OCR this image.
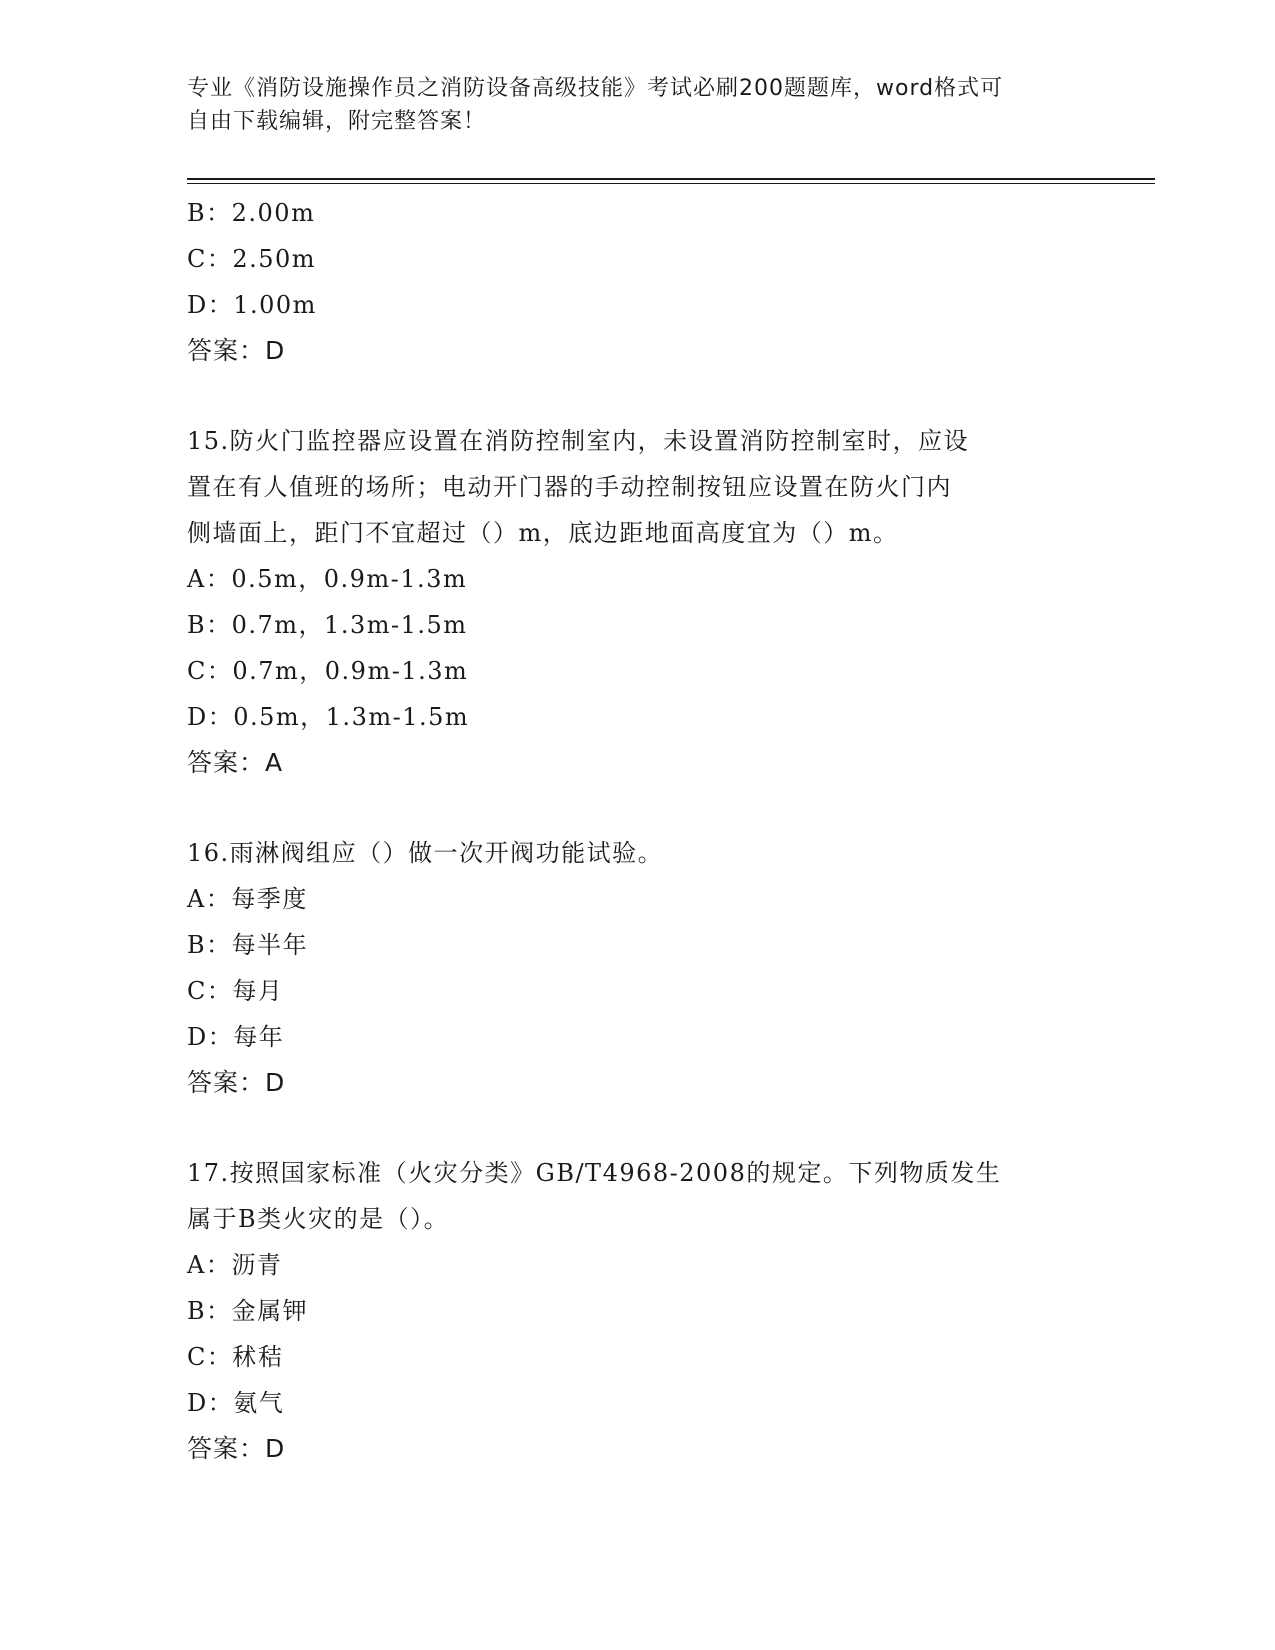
专业《消防设施操作员之消防设备高级技能》考试必刷200题题库，word格式可
自由下载编辑，附完整答案！
B：2.00m
C：2.50m
D：1.00m
答案：D
15.防火门监控器应设置在消防控制室内，未设置消防控制室时，应设
置在有人值班的场所；电动开门器的手动控制按钮应设置在防火门内
侧墙面上，距门不宜超过（）m，底边距地面高度宜为（）m。
A：0.5m，0.9m-1.3m
B：0.7m，1.3m-1.5m
C：0.7m，0.9m-1.3m
D：0.5m，1.3m-1.5m
答案：A
16.雨淋阀组应（）做一次开阀功能试验。
A：每季度
B：每半年
C：每月
D：每年
答案：D
17.按照国家标准（火灾分类》GB/T4968-2008的规定。下列物质发生
属于B类火灾的是（）。
A：沥青
B：金属钾
C：秫秸
D：氨气
答案：D
